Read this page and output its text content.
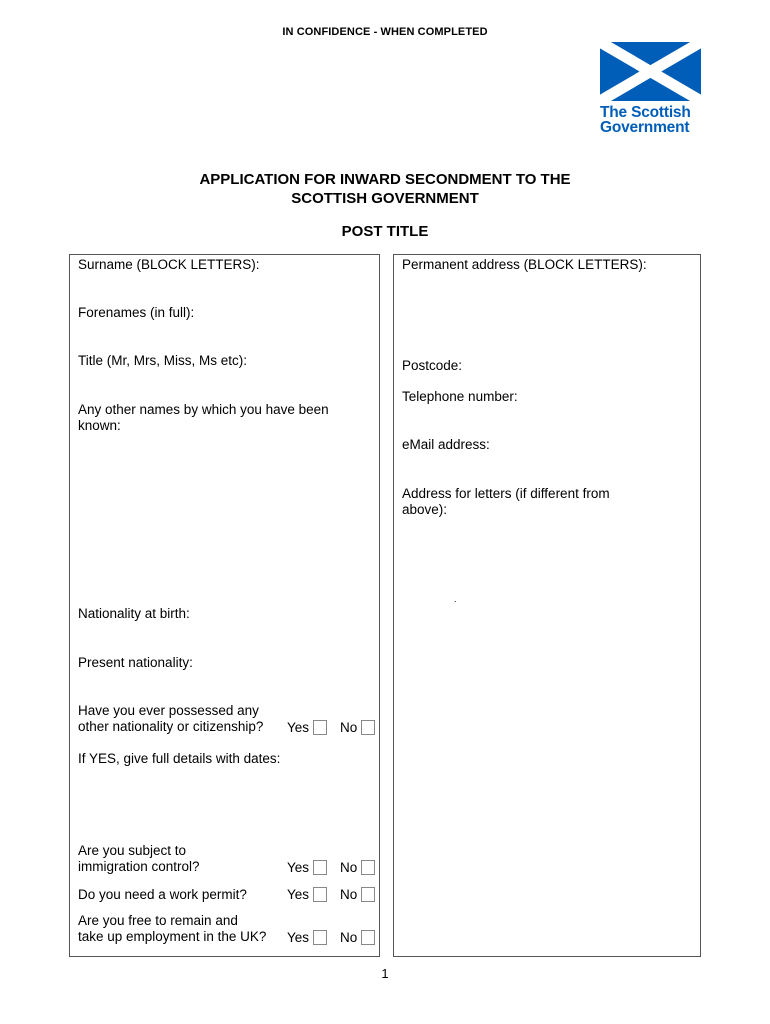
IN CONFIDENCE - WHEN COMPLETED
The Scottish
Government
APPLICATION FOR INWARD SECONDMENT TO THE
SCOTTISH GOVERNMENT
POST TITLE
Surname (BLOCK LETTERS):
Forenames (in full):
Title (Mr, Mrs, Miss, Ms etc):
Any other names by which you have been
known:
Nationality at birth:
Present nationality:
Have you ever possessed any
other nationality or citizenship? Yes	No
If YES, give full details with dates:
Are you subject to
immigration control?	Yes	No
Do you need a work permit?	Yes	No
Are you free to remain and
take up employment in the UK? Yes	No
Permanent address (BLOCK LETTERS):
Postcode:
Telephone number:
eMail address:
Address for letters (if different from
above):
.
1
